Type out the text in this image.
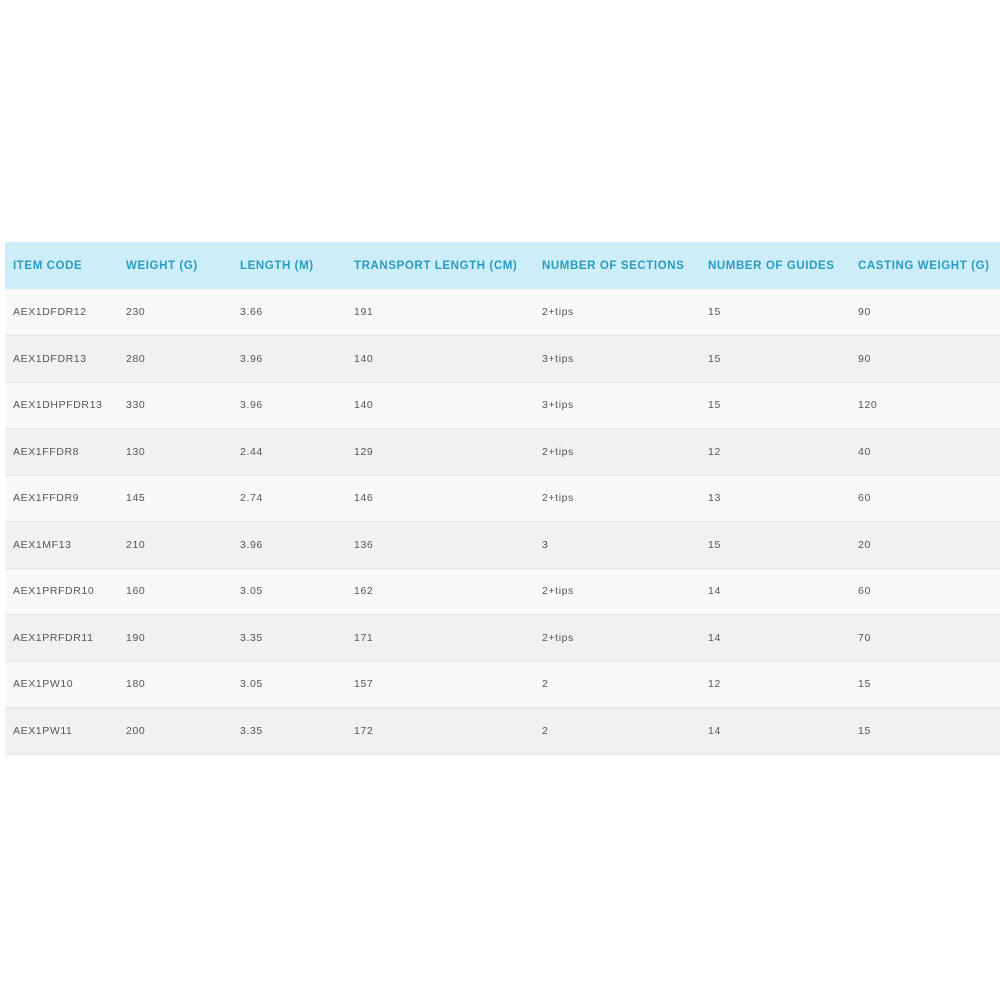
ITEM CODE	WEIGHT (G)	LENGTH (M)	TRANSPORT LENGTH (CM)	NUMBER OF SECTIONS	NUMBER OF GUIDES	CASTING WEIGHT (G)
AEX1DFDR12	230	3.66	191	2+tips	15	90
AEX1DFDR13	280	3.96	140	3+tips	15	90
AEX1DHPFDR13	330	3.96	140	3+tips	15	120
AEX1FFDR8	130	2.44	129	2+tips	12	40
AEX1FFDR9	145	2.74	146	2+tips	13	60
AEX1MF13	210	3.96	136	3	15	20
AEX1PRFDR10	160	3.05	162	2+tips	14	60
AEX1PRFDR11	190	3.35	171	2+tips	14	70
AEX1PW10	180	3.05	157	2	12	15
AEX1PW11	200	3.35	172	2	14	15
